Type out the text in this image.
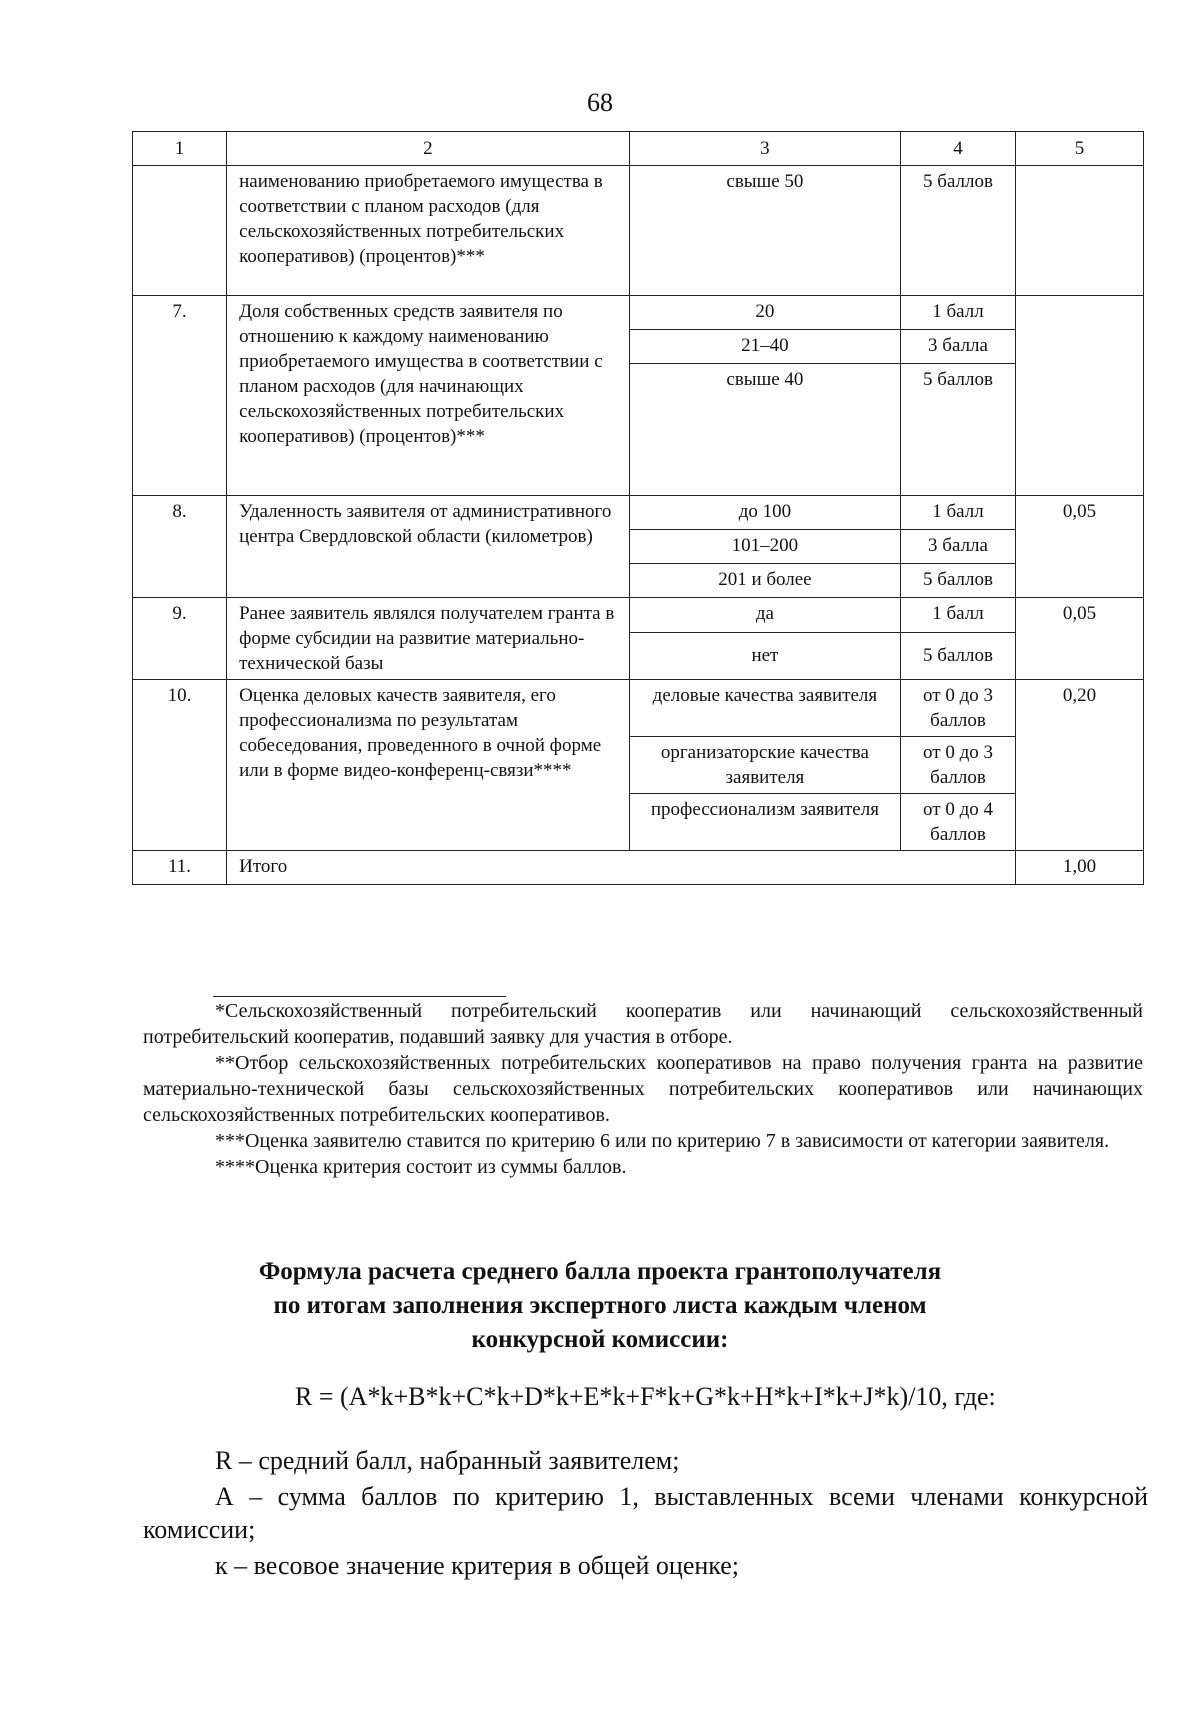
68
1	2	3	4	5
	наименованию приобретаемого имущества в соответствии с планом расходов (для сельскохозяйственных потребительских кооперативов) (процентов)***	свыше 50	5 баллов	
7.	Доля собственных средств заявителя по отношению к каждому наименованию приобретаемого имущества в соответствии с планом расходов (для начинающих сельскохозяйственных потребительских кооперативов) (процентов)***	20	1 балл	
		21–40	3 балла	
		свыше 40	5 баллов	
8.	Удаленность заявителя от административного центра Свердловской области (километров)	до 100	1 балл	0,05
		101–200	3 балла	
		201 и более	5 баллов	
9.	Ранее заявитель являлся получателем гранта в форме субсидии на развитие материально-технической базы	да	1 балл	0,05
		нет	5 баллов	
10.	Оценка деловых качеств заявителя, его профессионализма по результатам собеседования, проведенного в очной форме или в форме видео-конференц-связи****	деловые качества заявителя	от 0 до 3 баллов	0,20
		организаторские качества заявителя	от 0 до 3 баллов	
		профессионализм заявителя	от 0 до 4 баллов	
11.	Итого			1,00

*Сельскохозяйственный потребительский кооператив или начинающий сельскохозяйственный потребительский кооператив, подавший заявку для участия в отборе.

**Отбор сельскохозяйственных потребительских кооперативов на право получения гранта на развитие материально-технической базы сельскохозяйственных потребительских кооперативов или начинающих сельскохозяйственных потребительских кооперативов.

***Оценка заявителю ставится по критерию 6 или по критерию 7 в зависимости от категории заявителя.

****Оценка критерия состоит из суммы баллов.

Формула расчета среднего балла проекта грантополучателя
по итогам заполнения экспертного листа каждым членом
конкурсной комиссии:
R = (A*k+B*k+C*k+D*k+E*k+F*k+G*k+H*k+I*k+J*k)/10, где:

R – средний балл, набранный заявителем;

А – сумма баллов по критерию 1, выставленных всеми членами конкурсной комиссии;

к – весовое значение критерия в общей оценке;
